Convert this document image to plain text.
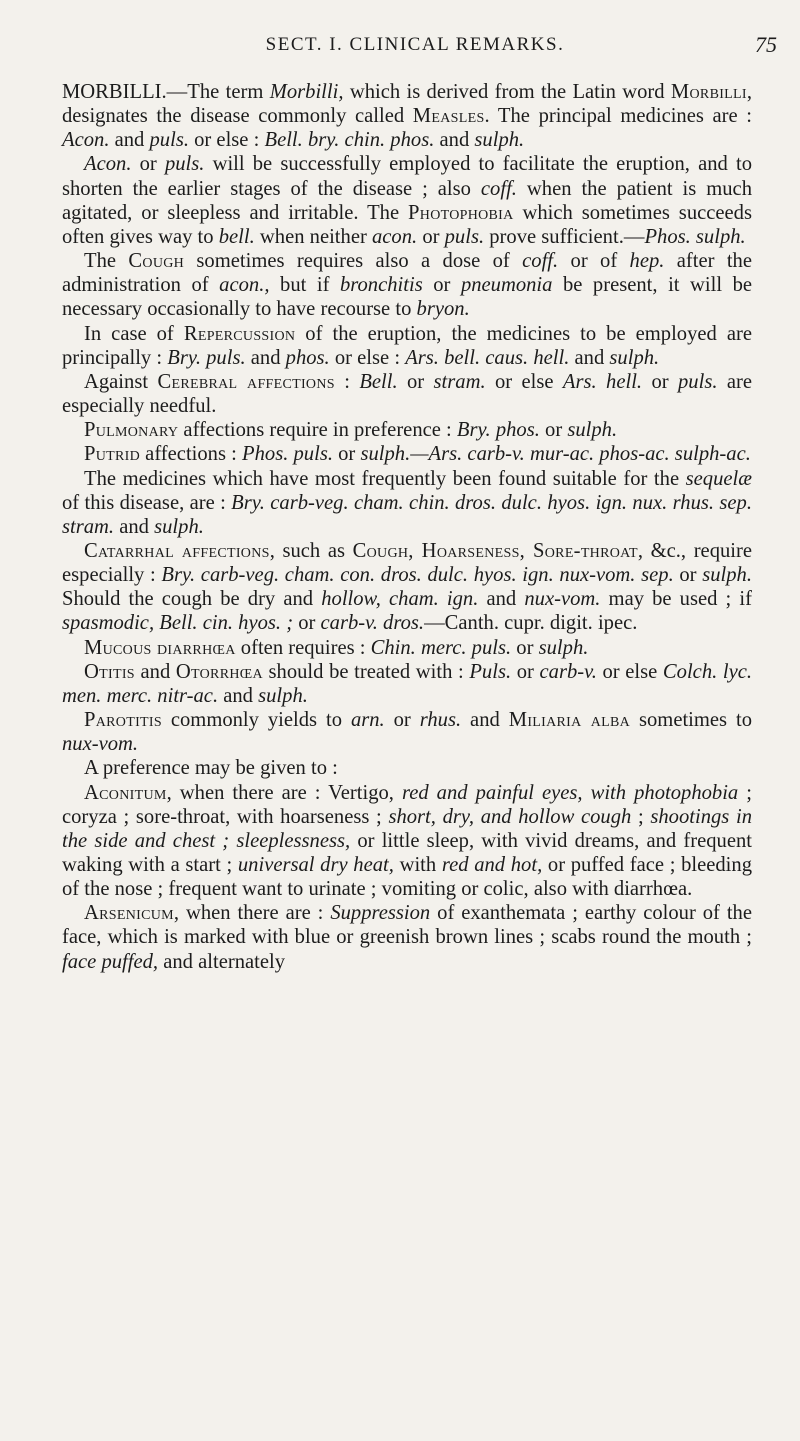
SECT. I. CLINICAL REMARKS.	75

MORBILLI.—The term Morbilli, which is derived from the Latin word Morbilli, designates the disease commonly called Measles. The principal medicines are : Acon. and puls. or else : Bell. bry. chin. phos. and sulph.

Acon. or puls. will be successfully employed to facilitate the eruption, and to shorten the earlier stages of the disease ; also coff. when the patient is much agitated, or sleepless and irritable. The Photophobia which sometimes succeeds often gives way to bell. when neither acon. or puls. prove sufficient.—Phos. sulph.

The Cough sometimes requires also a dose of coff. or of hep. after the administration of acon., but if bronchitis or pneumonia be present, it will be necessary occasionally to have recourse to bryon.

In case of Repercussion of the eruption, the medicines to be employed are principally : Bry. puls. and phos. or else : Ars. bell. caus. hell. and sulph.

Against Cerebral affections : Bell. or stram. or else Ars. hell. or puls. are especially needful.

Pulmonary affections require in preference : Bry. phos. or sulph.

Putrid affections : Phos. puls. or sulph.—Ars. carb-v. mur-ac. phos-ac. sulph-ac.

The medicines which have most frequently been found suitable for the sequelæ of this disease, are : Bry. carb-veg. cham. chin. dros. dulc. hyos. ign. nux. rhus. sep. stram. and sulph.

Catarrhal affections, such as Cough, Hoarseness, Sore-throat, &c., require especially : Bry. carb-veg. cham. con. dros. dulc. hyos. ign. nux-vom. sep. or sulph. Should the cough be dry and hollow, cham. ign. and nux-vom. may be used ; if spasmodic, Bell. cin. hyos. ; or carb-v. dros.—Canth. cupr. digit. ipec.

Mucous diarrhœa often requires : Chin. merc. puls. or sulph.

Otitis and Otorrhœa should be treated with : Puls. or carb-v. or else Colch. lyc. men. merc. nitr-ac. and sulph.

Parotitis commonly yields to arn. or rhus. and Miliaria alba sometimes to nux-vom.

A preference may be given to :

Aconitum, when there are : Vertigo, red and painful eyes, with photophobia ; coryza ; sore-throat, with hoarseness ; short, dry, and hollow cough ; shootings in the side and chest ; sleeplessness, or little sleep, with vivid dreams, and frequent waking with a start ; universal dry heat, with red and hot, or puffed face ; bleeding of the nose ; frequent want to urinate ; vomiting or colic, also with diarrhœa.

Arsenicum, when there are : Suppression of exanthemata ; earthy colour of the face, which is marked with blue or greenish brown lines ; scabs round the mouth ; face puffed, and alternately
